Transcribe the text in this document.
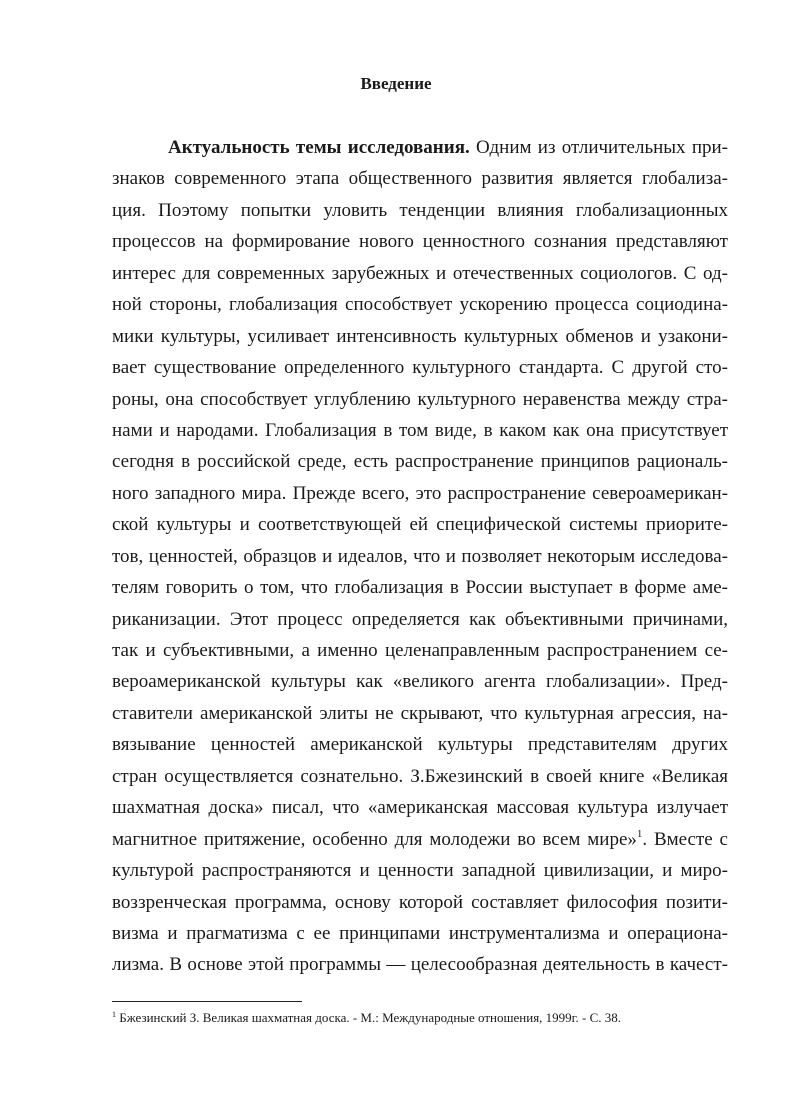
Введение
Актуальность темы исследования. Одним из отличительных при-
знаков современного этапа общественного развития является глобализа-
ция. Поэтому попытки уловить тенденции влияния глобализационных
процессов на формирование нового ценностного сознания представляют
интерес для современных зарубежных и отечественных социологов. С од-
ной стороны, глобализация способствует ускорению процесса социодина-
мики культуры, усиливает интенсивность культурных обменов и узакони-
вает существование определенного культурного стандарта. С другой сто-
роны, она способствует углублению культурного неравенства между стра-
нами и народами. Глобализация в том виде, в каком как она присутствует
сегодня в российской среде, есть распространение принципов рациональ-
ного западного мира. Прежде всего, это распространение североамерикан-
ской культуры и соответствующей ей специфической системы приорите-
тов, ценностей, образцов и идеалов, что и позволяет некоторым исследова-
телям говорить о том, что глобализация в России выступает в форме аме-
риканизации. Этот процесс определяется как объективными причинами,
так и субъективными, а именно целенаправленным распространением се-
вероамериканской культуры как «великого агента глобализации». Пред-
ставители американской элиты не скрывают, что культурная агрессия, на-
вязывание ценностей американской культуры представителям других
стран осуществляется сознательно. З.Бжезинский в своей книге «Великая
шахматная доска» писал, что «американская массовая культура излучает
магнитное притяжение, особенно для молодежи во всем мире»$^1$. Вместе с
культурой распространяются и ценности западной цивилизации, и миро-
воззренческая программа, основу которой составляет философия позити-
визма и прагматизма с ее принципами инструментализма и операциона-
лизма. В основе этой программы — целесообразная деятельность в качест-
$^1$ Бжезинский З. Великая шахматная доска. - М.: Международные отношения, 1999г. - С. 38.
